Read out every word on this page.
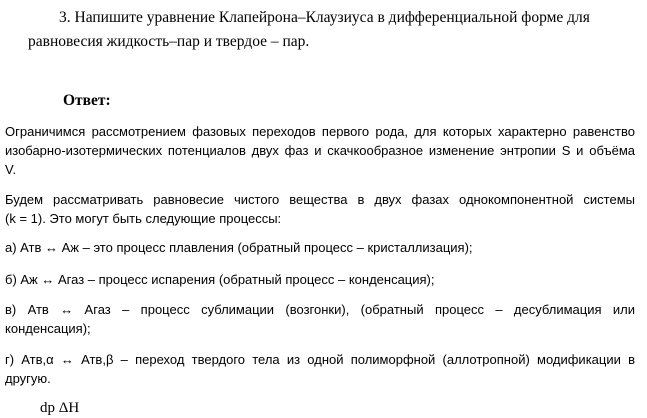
3. Напишите уравнение Клапейрона–Клаузиуса в дифференциальной форме для
равновесия жидкость–пар и твердое – пар.
Ответ:
Ограничимся рассмотрением фазовых переходов первого рода, для которых характерно равенство
изобарно-изотермических потенциалов двух фаз и скачкообразное изменение энтропии S и объёма
V.
Будем рассматривать равновесие чистого вещества в двух фазах однокомпонентной системы
(k = 1). Это могут быть следующие процессы:
а) Атв ↔ Аж – это процесс плавления (обратный процесс – кристаллизация);
б) Аж ↔ Агаз – процесс испарения (обратный процесс – конденсация);
в) Атв ↔ Агаз – процесс сублимации (возгонки), (обратный процесс – десублимация или
конденсация);
г) Атв,α ↔ Атв,β – переход твердого тела из одной полиморфной (аллотропной) модификации в
другую.
dp ΔH
